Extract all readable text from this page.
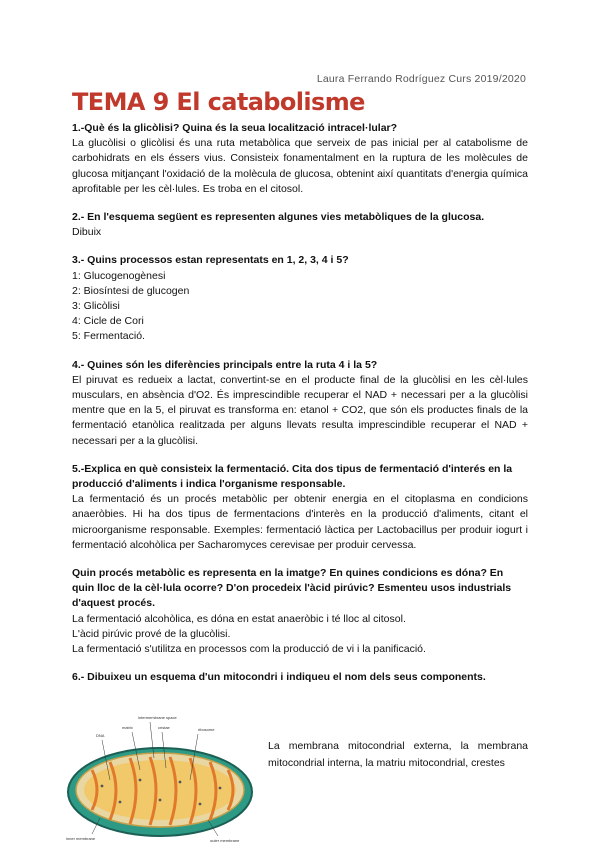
Laura Ferrando Rodríguez Curs 2019/2020
TEMA 9 El catabolisme

1.-Què és la glicòlisi? Quina és la seua localització intracel·lular?

La glucòlisi o glicòlisi és una ruta metabòlica que serveix de pas inicial per al catabolisme de carbohidrats en els éssers vius. Consisteix fonamentalment en la ruptura de les molècules de glucosa mitjançant l'oxidació de la molècula de glucosa, obtenint així quantitats d'energia química aprofitable per les cèl·lules. Es troba en el citosol.

2.- En l'esquema següent es representen algunes vies metabòliques de la glucosa.

Dibuix

3.- Quins processos estan representats en 1, 2, 3, 4 i 5?

1: Glucogenogènesi

2: Biosíntesi de glucogen

3: Glicòlisi

4: Cicle de Cori

5: Fermentació.

4.- Quines són les diferències principals entre la ruta 4 i la 5?

El piruvat es redueix a lactat, convertint-se en el producte final de la glucòlisi en les cèl·lules musculars, en absència d'O2. És imprescindible recuperar el NAD + necessari per a la glucòlisi mentre que en la 5, el piruvat es transforma en: etanol + CO2, que són els productes finals de la fermentació etanòlica realitzada per alguns llevats resulta imprescindible recuperar el NAD + necessari per a la glucòlisi.

5.-Explica en què consisteix la fermentació. Cita dos tipus de fermentació d'interés en la producció d'aliments i indica l'organisme responsable.

La fermentació és un procés metabòlic per obtenir energia en el citoplasma en condicions anaeròbies. Hi ha dos tipus de fermentacions d'interès en la producció d'aliments, citant el microorganisme responsable. Exemples: fermentació làctica per Lactobacillus per produir iogurt i fermentació alcohòlica per Sacharomyces cerevisae per produir cervessa.

Quin procés metabòlic es representa en la imatge? En quines condicions es dóna? En quin lloc de la cèl·lula ocorre? D'on procedeix l'àcid pirúvic? Esmenteu usos industrials d'aquest procés.

La fermentació alcohòlica, es dóna en estat anaeròbic i té lloc al citosol.

L'àcid pirúvic prové de la glucòlisi.

La fermentació s'utilitza en processos com la producció de vi i la panificació.

6.- Dibuixeu un esquema d'un mitocondri i indiqueu el nom dels seus components.

intermembrane space
matrix	cristae
DNA
ribosome
inner membrane	outer membrane

La membrana mitocondrial externa, la membrana mitocondrial interna, la matriu mitocondrial, crestes
